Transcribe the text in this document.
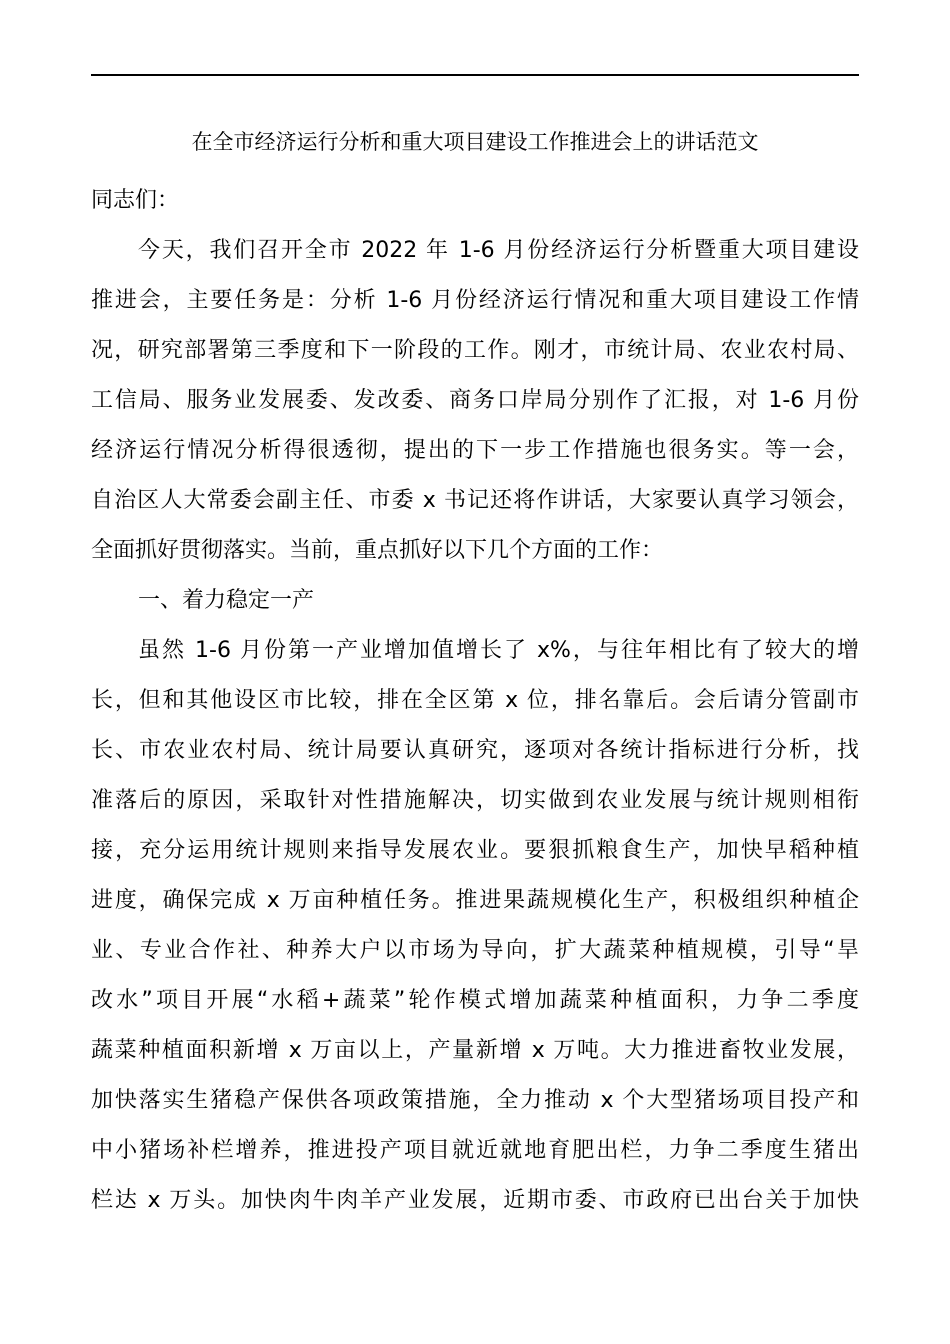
在全市经济运行分析和重大项目建设工作推进会上的讲话范文
同志们：
今天，我们召开全市 2022 年 1-6 月份经济运行分析暨重大项目建设
推进会，主要任务是：分析 1-6 月份经济运行情况和重大项目建设工作情
况，研究部署第三季度和下一阶段的工作。刚才，市统计局、农业农村局、
工信局、服务业发展委、发改委、商务口岸局分别作了汇报，对 1-6 月份
经济运行情况分析得很透彻，提出的下一步工作措施也很务实。等一会，
自治区人大常委会副主任、市委 x 书记还将作讲话，大家要认真学习领会，
全面抓好贯彻落实。当前，重点抓好以下几个方面的工作：
一、着力稳定一产
虽然 1-6 月份第一产业增加值增长了 x%，与往年相比有了较大的增
长，但和其他设区市比较，排在全区第 x 位，排名靠后。会后请分管副市
长、市农业农村局、统计局要认真研究，逐项对各统计指标进行分析，找
准落后的原因，采取针对性措施解决，切实做到农业发展与统计规则相衔
接，充分运用统计规则来指导发展农业。要狠抓粮食生产，加快早稻种植
进度，确保完成 x 万亩种植任务。推进果蔬规模化生产，积极组织种植企
业、专业合作社、种养大户以市场为导向，扩大蔬菜种植规模，引导“旱
改水”项目开展“水稻+蔬菜”轮作模式增加蔬菜种植面积，力争二季度
蔬菜种植面积新增 x 万亩以上，产量新增 x 万吨。大力推进畜牧业发展，
加快落实生猪稳产保供各项政策措施，全力推动 x 个大型猪场项目投产和
中小猪场补栏增养，推进投产项目就近就地育肥出栏，力争二季度生猪出
栏达 x 万头。加快肉牛肉羊产业发展，近期市委、市政府已出台关于加快
